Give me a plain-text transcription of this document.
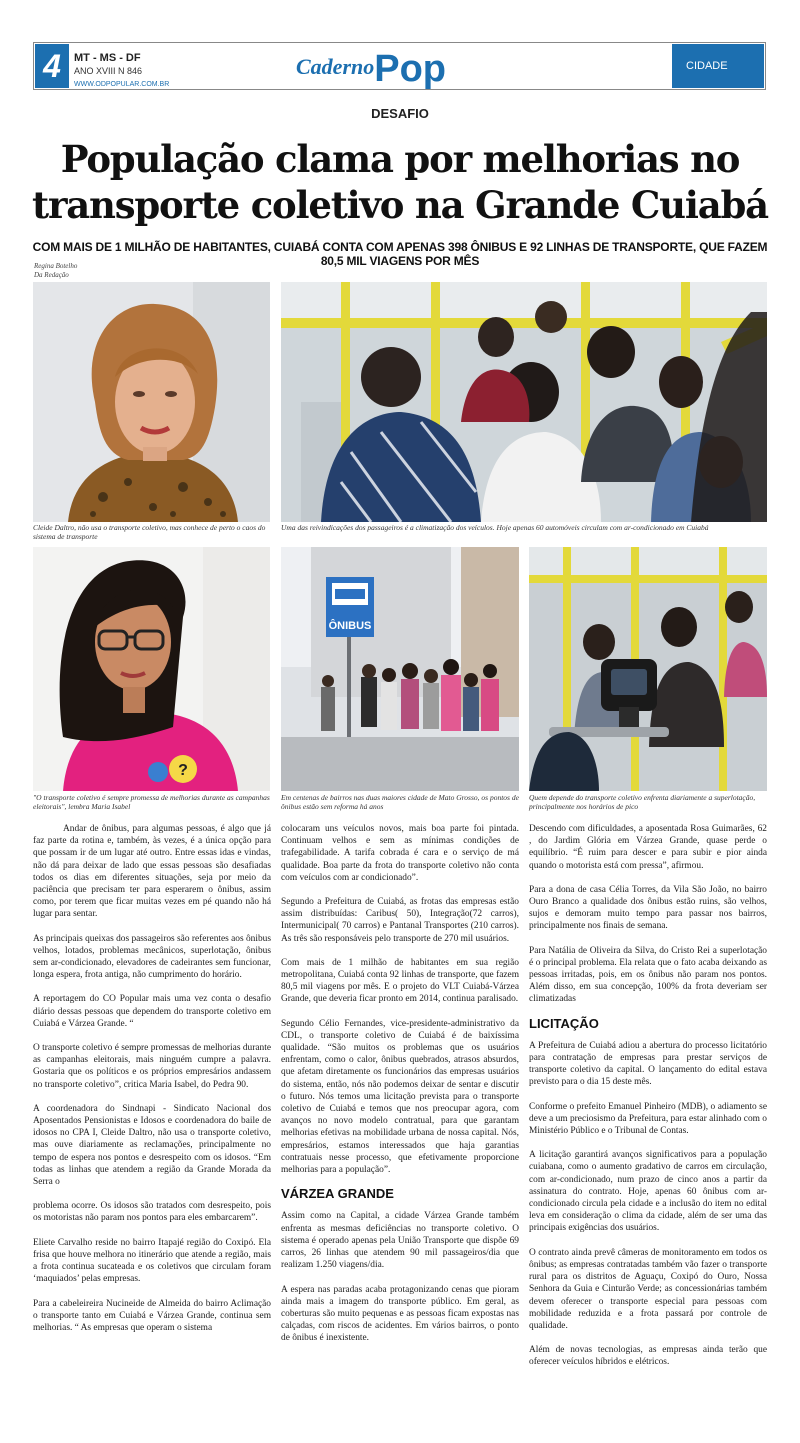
4	MT - MS - DF
ANO XVIII N 846
WWW.ODPOPULAR.COM.BR
Caderno Pop	CIDADE
DESAFIO
População clama por melhorias no transporte coletivo na Grande Cuiabá
COM MAIS DE 1 MILHÃO DE HABITANTES, CUIABÁ CONTA COM APENAS 398 ÔNIBUS E 92 LINHAS DE TRANSPORTE, QUE FAZEM 80,5 MIL VIAGENS POR MÊS
Regina Botelho
Da Redação
Cleide Daltro, não usa o transporte coletivo, mas conhece de perto o caos do sistema de transporte
Uma das reivindicações dos passageiros é a climatização dos veículos. Hoje apenas 60 automóveis circulam com ar-condicionado em Cuiabá
?
"O transporte coletivo é sempre promessa de melhorias durante as campanhas eleitorais", lembra Maria Isabel
ÔNIBUS
Em centenas de bairros nas duas maiores cidade de Mato Grosso, os pontos de ônibus estão sem reforma há anos
Quem depende do transporte coletivo enfrenta diariamente a superlotação, principalmente nos horários de pico

Andar de ônibus, para algumas pessoas, é algo que já faz parte da rotina e, também, às vezes, é a única opção para que possam ir de um lugar até outro. Entre essas idas e vindas, não dá para deixar de lado que essas pessoas são desafiadas todos os dias em diferentes situações, seja por meio da paciência que precisam ter para esperarem o ônibus, assim como, por terem que ficar muitas vezes em pé quando não há lugar para sentar.

As principais queixas dos passageiros são referentes aos ônibus velhos, lotados, problemas mecânicos, superlotação, ônibus sem ar-condicionado, elevadores de cadeirantes sem funcionar, longa espera, frota antiga, não cumprimento do horário.

A reportagem do CO Popular mais uma vez conta o desafio diário dessas pessoas que dependem do transporte coletivo em Cuiabá e Várzea Grande. “

O transporte coletivo é sempre promessas de melhorias durante as campanhas eleitorais, mais ninguém cumpre a palavra. Gostaria que os políticos e os próprios empresários andassem no transporte coletivo”, critica Maria Isabel, do Pedra 90.

A coordenadora do Sindnapi - Sindicato Nacional dos Aposentados Pensionistas e Idosos e coordenadora do baile de idosos no CPA I, Cleide Daltro, não usa o transporte coletivo, mas ouve diariamente as reclamações, principalmente no tempo de espera nos pontos e desrespeito com os idosos. “Em todas as linhas que atendem a região da Grande Morada da Serra o

problema ocorre. Os idosos são tratados com desrespeito, pois os motoristas não param nos pontos para eles embarcarem”.

Eliete Carvalho reside no bairro Itapajé região do Coxipó. Ela frisa que houve melhora no itinerário que atende a região, mais a frota continua sucateada e os coletivos que circulam foram ‘maquiados’ pelas empresas.

Para a cabeleireira Nucineide de Almeida do bairro Aclimação o transporte tanto em Cuiabá e Várzea Grande, continua sem melhorias. “ As empresas que operam o sistema

colocaram uns veículos novos, mais boa parte foi pintada. Continuam velhos e sem as mínimas condições de trafegabilidade. A tarifa cobrada é cara e o serviço de má qualidade. Boa parte da frota do transporte coletivo não conta com veículos com ar condicionado”.

Segundo a Prefeitura de Cuiabá, as frotas das empresas estão assim distribuídas: Caribus( 50), Integração(72 carros), Intermunicipal( 70 carros) e Pantanal Transportes (210 carros). As três são responsáveis pelo transporte de 270 mil usuários.

Com mais de 1 milhão de habitantes em sua região metropolitana, Cuiabá conta 92 linhas de transporte, que fazem 80,5 mil viagens por mês. E o projeto do VLT Cuiabá-Várzea Grande, que deveria ficar pronto em 2014, continua paralisado.

Segundo Célio Fernandes, vice-presidente-administrativo da CDL, o transporte coletivo de Cuiabá é de baixíssima qualidade. “São muitos os problemas que os usuários enfrentam, como o calor, ônibus quebrados, atrasos absurdos, que afetam diretamente os funcionários das empresas usuários do sistema, então, nós não podemos deixar de sentar e discutir o futuro. Nós temos uma licitação prevista para o transporte coletivo de Cuiabá e temos que nos preocupar agora, com avanços no novo modelo contratual, para que garantam melhorias efetivas na mobilidade urbana de nossa capital. Nós, empresários, estamos interessados que haja garantias contratuais nesse processo, que efetivamente proporcione melhorias para a população”.

VÁRZEA GRANDE

Assim como na Capital, a cidade Várzea Grande também enfrenta as mesmas deficiências no transporte coletivo. O sistema é operado apenas pela União Transporte que dispõe 69 carros, 26 linhas que atendem 90 mil passageiros/dia que realizam 1.250 viagens/dia.

A espera nas paradas acaba protagonizando cenas que pioram ainda mais a imagem do transporte público. Em geral, as coberturas são muito pequenas e as pessoas ficam expostas nas calçadas, com riscos de acidentes. Em vários bairros, o ponto de ônibus é inexistente.

Descendo com dificuldades, a aposentada Rosa Guimarães, 62 , do Jardim Glória em Várzea Grande, quase perde o equilíbrio. “É ruim para descer e para subir e pior ainda quando o motorista está com pressa”, afirmou.

Para a dona de casa Célia Torres, da Vila São João, no bairro Ouro Branco a qualidade dos ônibus estão ruins, são velhos, sujos e demoram muito tempo para passar nos bairros, principalmente nos finais de semana.

Para Natália de Oliveira da Silva, do Cristo Rei a superlotação é o principal problema. Ela relata que o fato acaba deixando as pessoas irritadas, pois, em os ônibus não param nos pontos. Além disso, em sua concepção, 100% da frota deveriam ser climatizadas

LICITAÇÃO

A Prefeitura de Cuiabá adiou a abertura do processo licitatório para contratação de empresas para prestar serviços de transporte coletivo da capital. O lançamento do edital estava previsto para o dia 15 deste mês.

Conforme o prefeito Emanuel Pinheiro (MDB), o adiamento se deve a um preciosismo da Prefeitura, para estar alinhado com o Ministério Público e o Tribunal de Contas.

A licitação garantirá avanços significativos para a população cuiabana, como o aumento gradativo de carros em circulação, com ar-condicionado, num prazo de cinco anos a partir da assinatura do contrato. Hoje, apenas 60 ônibus com ar-condicionado circula pela cidade e a inclusão do item no edital leva em consideração o clima da cidade, além de ser uma das principais exigências dos usuários.

O contrato ainda prevê câmeras de monitoramento em todos os ônibus; as empresas contratadas também vão fazer o transporte rural para os distritos de Aguaçu, Coxipó do Ouro, Nossa Senhora da Guia e Cinturão Verde; as concessionárias também devem oferecer o transporte especial para pessoas com mobilidade reduzida e a frota passará por controle de qualidade.

Além de novas tecnologias, as empresas ainda terão que oferecer veículos híbridos e elétricos.
